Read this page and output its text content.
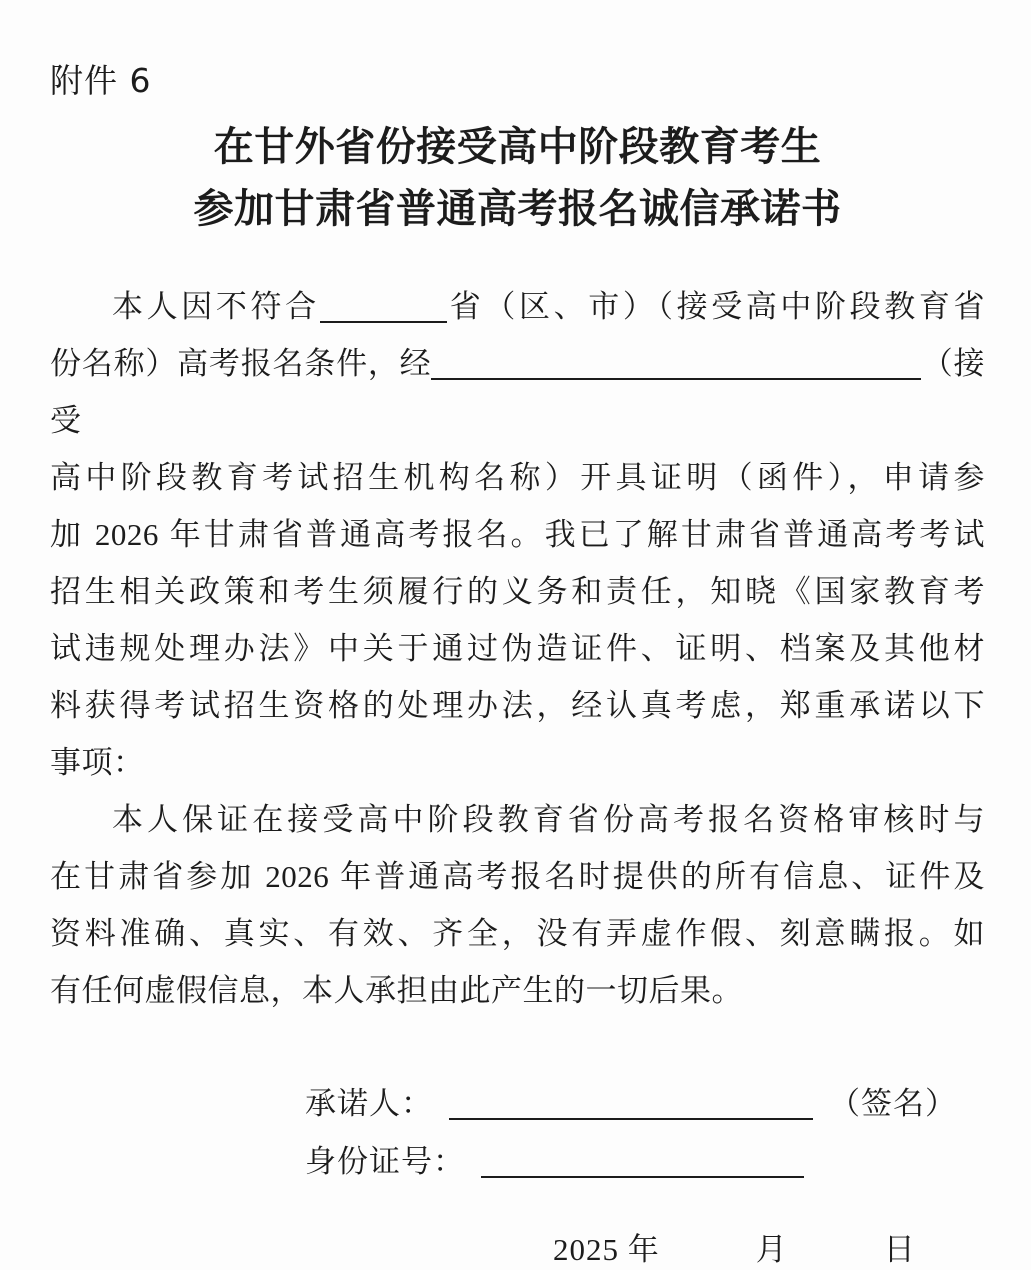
附件 6
在甘外省份接受高中阶段教育考生
参加甘肃省普通高考报名诚信承诺书
本人因不符合	省（区、市）（接受高中阶段教育省
份名称）高考报名条件，经	（接受
高中阶段教育考试招生机构名称）开具证明（函件），申请参
加 2026 年甘肃省普通高考报名。我已了解甘肃省普通高考考试
招生相关政策和考生须履行的义务和责任，知晓《国家教育考
试违规处理办法》中关于通过伪造证件、证明、档案及其他材
料获得考试招生资格的处理办法，经认真考虑，郑重承诺以下
事项：
本人保证在接受高中阶段教育省份高考报名资格审核时与
在甘肃省参加 2026 年普通高考报名时提供的所有信息、证件及
资料准确、真实、有效、齐全，没有弄虚作假、刻意瞒报。如
有任何虚假信息，本人承担由此产生的一切后果。
承诺人：	（签名）
身份证号：
2025 年　　　月　　　日
